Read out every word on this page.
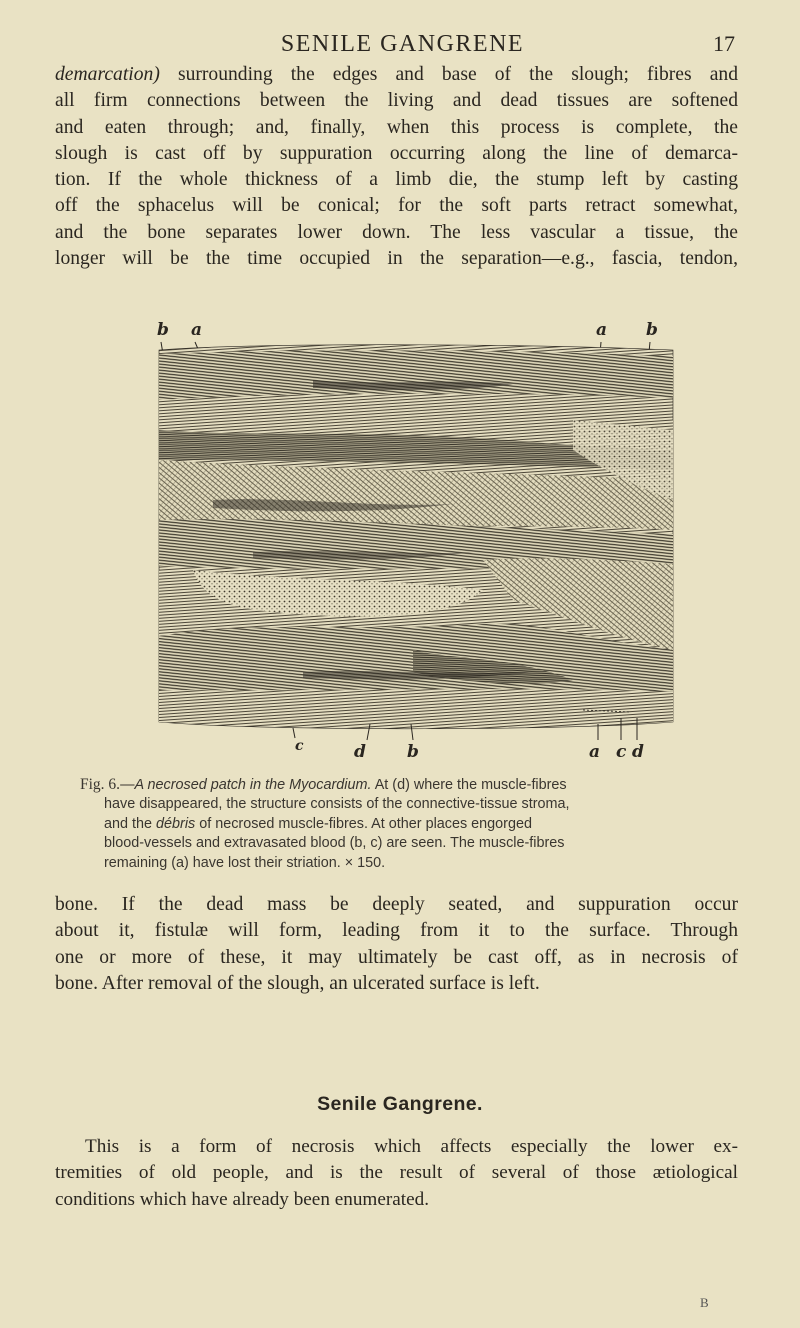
SENILE GANGRENE	17

demarcation) surrounding the edges and base of the slough; fibres and
all firm connections between the living and dead tissues are softened
and eaten through; and, finally, when this process is complete, the
slough is cast off by suppuration occurring along the line of demarca-
tion. If the whole thickness of a limb die, the stump left by casting
off the sphacelus will be conical; for the soft parts retract somewhat,
and the bone separates lower down. The less vascular a tissue, the
longer will be the time occupied in the separation—e.g., fascia, tendon,

b a	a b
c	d b	a c d
Fig. 6.—A necrosed patch in the Myocardium. At (d) where the muscle-fibres
have disappeared, the structure consists of the connective-tissue stroma,
and the débris of necrosed muscle-fibres. At other places engorged
blood-vessels and extravasated blood (b, c) are seen. The muscle-fibres
remaining (a) have lost their striation. × 150.

bone. If the dead mass be deeply seated, and suppuration occur
about it, fistulæ will form, leading from it to the surface. Through
one or more of these, it may ultimately be cast off, as in necrosis of
bone. After removal of the slough, an ulcerated surface is left.

Senile Gangrene.

This is a form of necrosis which affects especially the lower ex-
tremities of old people, and is the result of several of those ætiological
conditions which have already been enumerated.

B
